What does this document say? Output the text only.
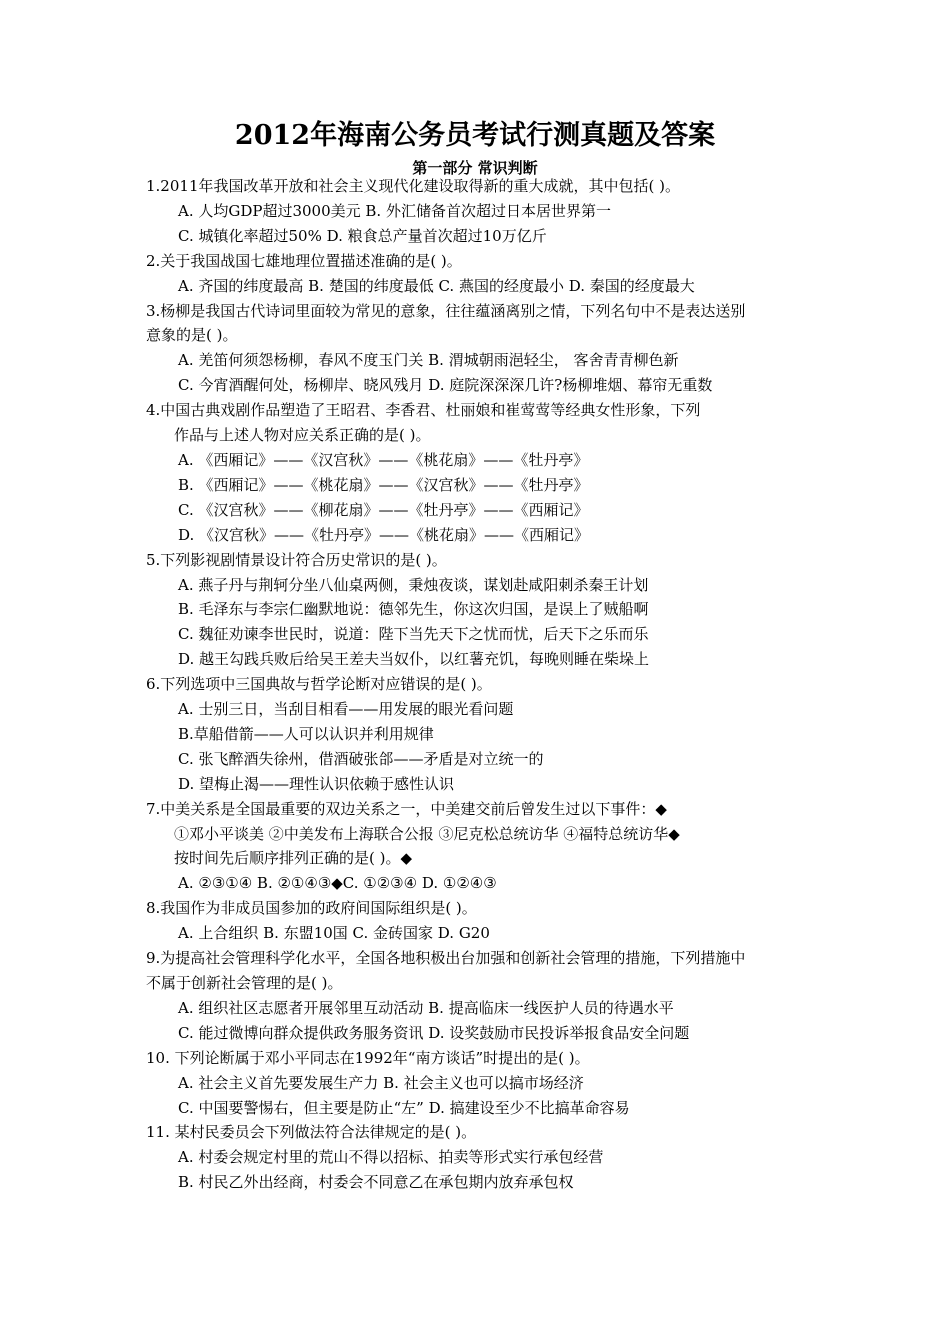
2012年海南公务员考试行测真题及答案
第一部分 常识判断
1.2011年我国改革开放和社会主义现代化建设取得新的重大成就，其中包括( )。
A. 人均GDP超过3000美元 B. 外汇储备首次超过日本居世界第一
C. 城镇化率超过50% D. 粮食总产量首次超过10万亿斤
2.关于我国战国七雄地理位置描述准确的是( )。
A. 齐国的纬度最高 B. 楚国的纬度最低 C. 燕国的经度最小 D. 秦国的经度最大
3.杨柳是我国古代诗词里面较为常见的意象，往往蕴涵离别之情，下列名句中不是表达送别
意象的是( )。
A. 羌笛何须怨杨柳，春风不度玉门关 B. 渭城朝雨浥轻尘， 客舍青青柳色新
C. 今宵酒醒何处，杨柳岸、晓风残月 D. 庭院深深深几许?杨柳堆烟、幕帘无重数
4.中国古典戏剧作品塑造了王昭君、李香君、杜丽娘和崔莺莺等经典女性形象，下列
作品与上述人物对应关系正确的是( )。
A. 《西厢记》——《汉宫秋》——《桃花扇》——《牡丹亭》
B. 《西厢记》——《桃花扇》——《汉宫秋》——《牡丹亭》
C. 《汉宫秋》——《柳花扇》——《牡丹亭》——《西厢记》
D. 《汉宫秋》——《牡丹亭》——《桃花扇》——《西厢记》
5.下列影视剧情景设计符合历史常识的是( )。
A. 燕子丹与荆轲分坐八仙桌两侧，秉烛夜谈，谋划赴咸阳刺杀秦王计划
B. 毛泽东与李宗仁幽默地说：德邻先生，你这次归国，是误上了贼船啊
C. 魏征劝谏李世民时，说道：陛下当先天下之忧而忧，后天下之乐而乐
D. 越王勾践兵败后给吴王差夫当奴仆，以红薯充饥，每晚则睡在柴垛上
6.下列选项中三国典故与哲学论断对应错误的是( )。
A. 士别三日，当刮目相看——用发展的眼光看问题
B.草船借箭——人可以认识并利用规律
C. 张飞醉酒失徐州，借酒破张郃——矛盾是对立统一的
D. 望梅止渴——理性认识依赖于感性认识
7.中美关系是全国最重要的双边关系之一，中美建交前后曾发生过以下事件：◆
①邓小平谈美 ②中美发布上海联合公报 ③尼克松总统访华 ④福特总统访华◆
按时间先后顺序排列正确的是( )。◆
A. ②③①④ B. ②①④③◆C. ①②③④ D. ①②④③
8.我国作为非成员国参加的政府间国际组织是( )。
A. 上合组织 B. 东盟10国 C. 金砖国家 D. G20
9.为提高社会管理科学化水平，全国各地积极出台加强和创新社会管理的措施，下列措施中
不属于创新社会管理的是( )。
A. 组织社区志愿者开展邻里互动活动 B. 提高临床一线医护人员的待遇水平
C. 能过微博向群众提供政务服务资讯 D. 设奖鼓励市民投诉举报食品安全问题
10. 下列论断属于邓小平同志在1992年“南方谈话”时提出的是( )。
A. 社会主义首先要发展生产力 B. 社会主义也可以搞市场经济
C. 中国要警惕右，但主要是防止“左” D. 搞建设至少不比搞革命容易
11. 某村民委员会下列做法符合法律规定的是( )。
A. 村委会规定村里的荒山不得以招标、拍卖等形式实行承包经营
B. 村民乙外出经商，村委会不同意乙在承包期内放弃承包权
